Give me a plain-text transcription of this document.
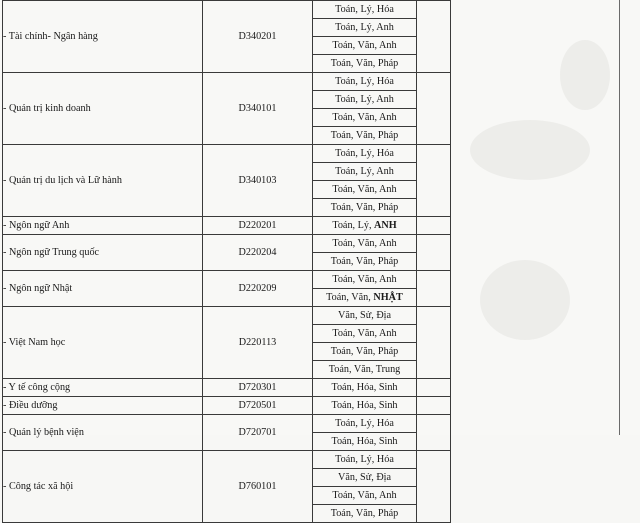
- Tài chính- Ngân hàng	D340201	Toán, Lý, Hóa	
		Toán, Lý, Anh	
		Toán, Văn, Anh	
		Toán, Văn, Pháp	
- Quản trị kinh doanh	D340101	Toán, Lý, Hóa	
		Toán, Lý, Anh	
		Toán, Văn, Anh	
		Toán, Văn, Pháp	
- Quản trị du lịch và Lữ hành	D340103	Toán, Lý, Hóa	
		Toán, Lý, Anh	
		Toán, Văn, Anh	
		Toán, Văn, Pháp	
- Ngôn ngữ Anh	D220201	Toán, Lý, ANH	
- Ngôn ngữ Trung quốc	D220204	Toán, Văn, Anh	
		Toán, Văn, Pháp	
- Ngôn ngữ Nhật	D220209	Toán, Văn, Anh	
		Toán, Văn, NHẬT	
- Việt Nam học	D220113	Văn, Sử, Địa	
		Toán, Văn, Anh	
		Toán, Văn, Pháp	
		Toán, Văn, Trung	
- Y tế công cộng	D720301	Toán, Hóa, Sinh	
- Điều dưỡng	D720501	Toán, Hóa, Sinh	
- Quản lý bệnh viện	D720701	Toán, Lý, Hóa	
		Toán, Hóa, Sinh	
- Công tác xã hội	D760101	Toán, Lý, Hóa	
		Văn, Sử, Địa	
		Toán, Văn, Anh	
		Toán, Văn, Pháp	
